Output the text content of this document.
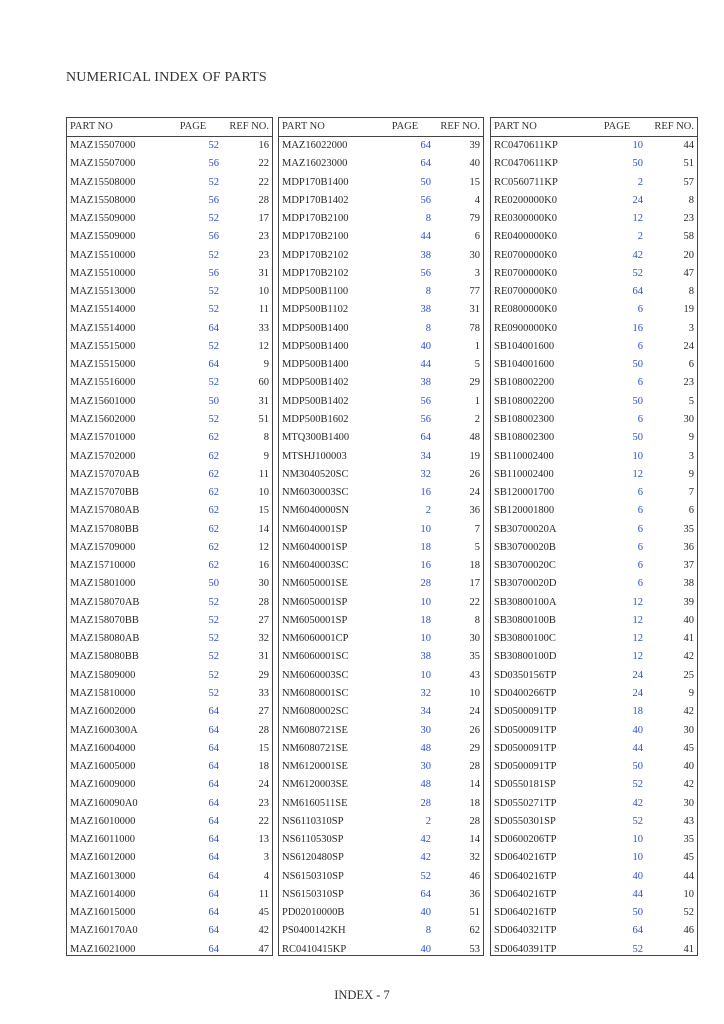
NUMERICAL INDEX OF PARTS
PART NO	PAGE	REF NO.
MAZ15507000	52	16
MAZ15507000	56	22
MAZ15508000	52	22
MAZ15508000	56	28
MAZ15509000	52	17
MAZ15509000	56	23
MAZ15510000	52	23
MAZ15510000	56	31
MAZ15513000	52	10
MAZ15514000	52	11
MAZ15514000	64	33
MAZ15515000	52	12
MAZ15515000	64	9
MAZ15516000	52	60
MAZ15601000	50	31
MAZ15602000	52	51
MAZ15701000	62	8
MAZ15702000	62	9
MAZ157070AB	62	11
MAZ157070BB	62	10
MAZ157080AB	62	15
MAZ157080BB	62	14
MAZ15709000	62	12
MAZ15710000	62	16
MAZ15801000	50	30
MAZ158070AB	52	28
MAZ158070BB	52	27
MAZ158080AB	52	32
MAZ158080BB	52	31
MAZ15809000	52	29
MAZ15810000	52	33
MAZ16002000	64	27
MAZ1600300A	64	28
MAZ16004000	64	15
MAZ16005000	64	18
MAZ16009000	64	24
MAZ160090A0	64	23
MAZ16010000	64	22
MAZ16011000	64	13
MAZ16012000	64	3
MAZ16013000	64	4
MAZ16014000	64	11
MAZ16015000	64	45
MAZ160170A0	64	42
MAZ16021000	64	47
PART NO	PAGE	REF NO.
MAZ16022000	64	39
MAZ16023000	64	40
MDP170B1400	50	15
MDP170B1402	56	4
MDP170B2100	8	79
MDP170B2100	44	6
MDP170B2102	38	30
MDP170B2102	56	3
MDP500B1100	8	77
MDP500B1102	38	31
MDP500B1400	8	78
MDP500B1400	40	1
MDP500B1400	44	5
MDP500B1402	38	29
MDP500B1402	56	1
MDP500B1602	56	2
MTQ300B1400	64	48
MTSHJ100003	34	19
NM3040520SC	32	26
NM6030003SC	16	24
NM6040000SN	2	36
NM6040001SP	10	7
NM6040001SP	18	5
NM6040003SC	16	18
NM6050001SE	28	17
NM6050001SP	10	22
NM6050001SP	18	8
NM6060001CP	10	30
NM6060001SC	38	35
NM6060003SC	10	43
NM6080001SC	32	10
NM6080002SC	34	24
NM6080721SE	30	26
NM6080721SE	48	29
NM6120001SE	30	28
NM6120003SE	48	14
NM6160511SE	28	18
NS6110310SP	2	28
NS6110530SP	42	14
NS6120480SP	42	32
NS6150310SP	52	46
NS6150310SP	64	36
PD02010000B	40	51
PS0400142KH	8	62
RC0410415KP	40	53
PART NO	PAGE	REF NO.
RC0470611KP	10	44
RC0470611KP	50	51
RC0560711KP	2	57
RE0200000K0	24	8
RE0300000K0	12	23
RE0400000K0	2	58
RE0700000K0	42	20
RE0700000K0	52	47
RE0700000K0	64	8
RE0800000K0	6	19
RE0900000K0	16	3
SB104001600	6	24
SB104001600	50	6
SB108002200	6	23
SB108002200	50	5
SB108002300	6	30
SB108002300	50	9
SB110002400	10	3
SB110002400	12	9
SB120001700	6	7
SB120001800	6	6
SB30700020A	6	35
SB30700020B	6	36
SB30700020C	6	37
SB30700020D	6	38
SB30800100A	12	39
SB30800100B	12	40
SB30800100C	12	41
SB30800100D	12	42
SD0350156TP	24	25
SD0400266TP	24	9
SD0500091TP	18	42
SD0500091TP	40	30
SD0500091TP	44	45
SD0500091TP	50	40
SD0550181SP	52	42
SD0550271TP	42	30
SD0550301SP	52	43
SD0600206TP	10	35
SD0640216TP	10	45
SD0640216TP	40	44
SD0640216TP	44	10
SD0640216TP	50	52
SD0640321TP	64	46
SD0640391TP	52	41
INDEX - 7
